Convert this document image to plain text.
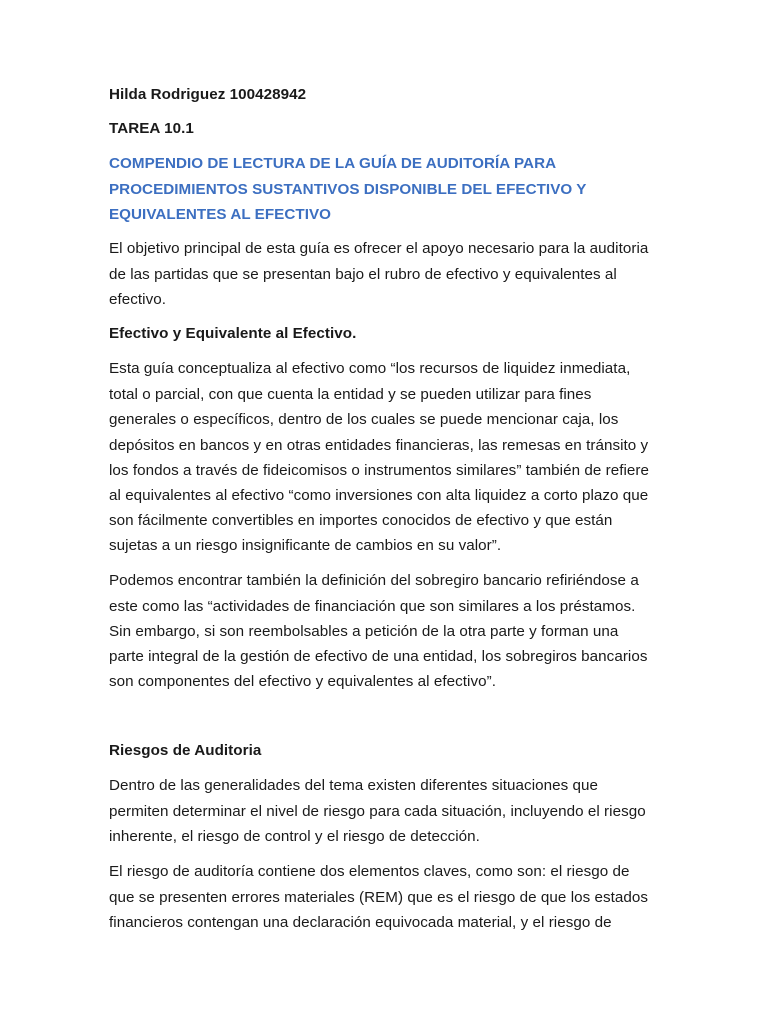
Hilda Rodriguez 100428942
TAREA 10.1
COMPENDIO DE LECTURA DE LA GUÍA DE AUDITORÍA PARA
PROCEDIMIENTOS SUSTANTIVOS DISPONIBLE DEL EFECTIVO Y
EQUIVALENTES AL EFECTIVO
El objetivo principal de esta guía es ofrecer el apoyo necesario para la auditoria
de las partidas que se presentan bajo el rubro de efectivo y equivalentes al
efectivo.
Efectivo y Equivalente al Efectivo.
Esta guía conceptualiza al efectivo como “los recursos de liquidez inmediata,
total o parcial, con que cuenta la entidad y se pueden utilizar para fines
generales o específicos, dentro de los cuales se puede mencionar caja, los
depósitos en bancos y en otras entidades financieras, las remesas en tránsito y
los fondos a través de fideicomisos o instrumentos similares” también de refiere
al equivalentes al efectivo “como inversiones con alta liquidez a corto plazo que
son fácilmente convertibles en importes conocidos de efectivo y que están
sujetas a un riesgo insignificante de cambios en su valor”.
Podemos encontrar también la definición del sobregiro bancario refiriéndose a
este como las “actividades de financiación que son similares a los préstamos.
Sin embargo, si son reembolsables a petición de la otra parte y forman una
parte integral de la gestión de efectivo de una entidad, los sobregiros bancarios
son componentes del efectivo y equivalentes al efectivo”.
Riesgos de Auditoria
Dentro de las generalidades del tema existen diferentes situaciones que
permiten determinar el nivel de riesgo para cada situación, incluyendo el riesgo
inherente, el riesgo de control y el riesgo de detección.
El riesgo de auditoría contiene dos elementos claves, como son: el riesgo de
que se presenten errores materiales (REM) que es el riesgo de que los estados
financieros contengan una declaración equivocada material, y el riesgo de
